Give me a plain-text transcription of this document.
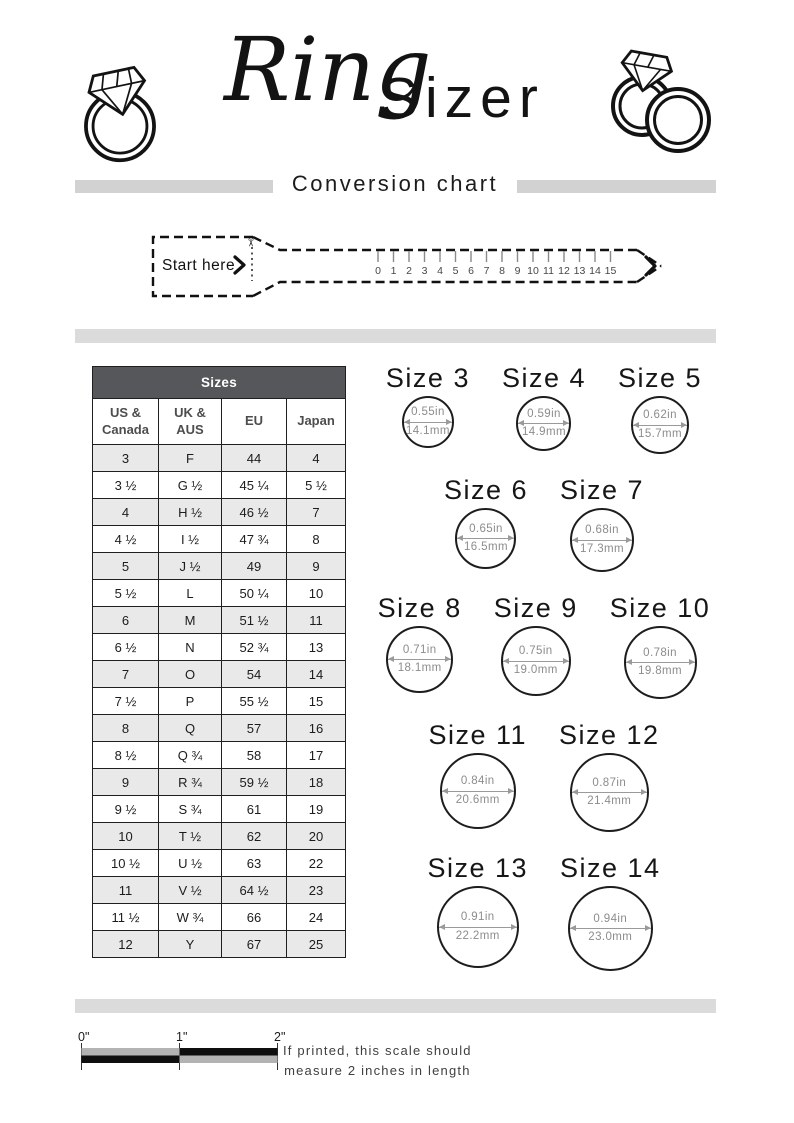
Ring
Sizer
Conversion chart
✂
Start here	0 1 2 3 4 5 6 7 8 9 10 11 12 13 14 15
Sizes			
US & Canada	UK & AUS	EU	Japan
3	F	44	4
3 ½	G ½	45 ¼	5 ½
4	H ½	46 ½	7
4 ½	I ½	47 ¾	8
5	J ½	49	9
5 ½	L	50 ¼	10
6	M	51 ½	11
6 ½	N	52 ¾	13
7	O	54	14
7 ½	P	55 ½	15
8	Q	57	16
8 ½	Q ¾	58	17
9	R ¾	59 ½	18
9 ½	S ¾	61	19
10	T ½	62	20
10 ½	U ½	63	22
11	V ½	64 ½	23
11 ½	W ¾	66	24
12	Y	67	25
Size 3
0.55in
14.1mm
Size 4
0.59in
14.9mm
Size 5
0.62in
15.7mm
Size 6
0.65in
16.5mm
Size 7
0.68in
17.3mm
Size 8
0.71in
18.1mm
Size 9
0.75in
19.0mm
Size 10
0.78in
19.8mm
Size 11
0.84in
20.6mm
Size 12
0.87in
21.4mm
Size 13
0.91in
22.2mm
Size 14
0.94in
23.0mm
0"	1"	2"
If printed, this scale should
measure 2 inches in length
